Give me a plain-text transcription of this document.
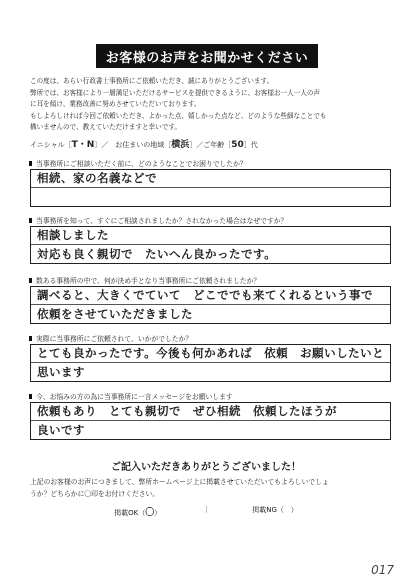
お客様のお声をお聞かせください

この度は、あらい行政書士事務所にご依頼いただき、誠にありがとうございます。

弊所では、お客様により一層満足いただけるサービスを提供できるように、お客様お一人一人の声

に耳を傾け、業務改善に努めさせていただいております。

もしよろしければ今回ご依頼いただき、よかった点、嬉しかった点など、どのような些細なことでも

構いませんので、教えていただけますと幸いです。

イニシャル［ T・N ］ ／　お住まいの地域［ 横浜 ］ ／ご年齢［ 50 ］代
当事務所にご相談いただく前に、どのようなことでお困りでしたか？
相続、家の名義などで
当事務所を知って、すぐにご相談されましたか？されなかった場合はなぜですか？
相談しました
対応も良く親切で　たいへん良かったです。
数ある事務所の中で、何が決め手となり当事務所にご依頼されましたか？
調べると、大きくでていて　どこででも来てくれるという事で
依頼をさせていただきました
実際に当事務所にご依頼されて、いかがでしたか？
とても良かったです。今後も何かあれば　依頼　お願いしたいと
思います
今、お悩みの方の為に当事務所に一言メッセージをお願いします
依頼もあり　とても親切で　ぜひ相続　依頼したほうが
良いです
ご記入いただきありがとうございました！

上記のお客様のお声につきまして、弊所ホームページ上に掲載させていただいてもよろしいでしょ

うか？どちらかに〇印をお付けください。

掲載OK（〇）	｜	掲載NG（　）
017
